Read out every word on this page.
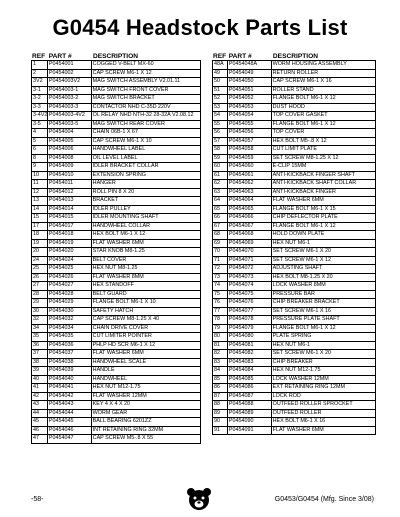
G0454 Headstock Parts List
REF PART #	DESCRIPTION
1	P0454001	COGGED V-BELT MX-60
2	P0454002	CAP SCREW M6-1 X 12
3V2	P0454003V2	MAG SWITCH ASSEMBLY V2.01.11
3-1	P0454003-1	MAG SWITCH FRONT COVER
3-2	P0454003-2	MAG SWITCH BRACKET
3-3	P0454003-3	CONTACTOR NHD C-35D 220V
3-4V2 P0454003-4V2	OL RELAY NHD NTH-32 28-32A V2.08.12
3-5	P0454003-5	MAG SWITCH REAR COVER
4	P0454004	CHAIN 06B-1 X 67
5	P0454005	CAP SCREW M6-1 X 10
6	P0454006	HANDWHEEL LABEL
8	P0454008	OIL LEVEL LABEL
9	P0454009	IDLER BRACKET COLLAR
10	P0454010	EXTENSION SPRING
11	P0454011	HANGER
12	P0454012	ROLL PIN 8 X 20
13	P0454013	BRACKET
14	P0454014	IDLER PULLEY
15	P0454015	IDLER MOUNTING SHAFT
17	P0454017	HANDWHEEL COLLAR
18	P0454018	HEX BOLT M6-1 X 12
19	P0454019	FLAT WASHER 6MM
20	P0454020	STAR KNOB M8-1.25
24	P0454024	BELT COVER
25	P0454025	HEX NUT M8-1.25
26	P0454026	FLAT WASHER 8MM
27	P0454027	HEX STANDOFF
28	P0454028	BELT GUARD
29	P0454029	FLANGE BOLT M6-1 X 10
30	P0454030	SAFETY HATCH
32	P0454032	CAP SCREW M8-1.25 X 40
34	P0454034	CHAIN DRIVE COVER
35	P0454035	CUT LIMITER POINTER
36	P0454036	PHLP HD SCR M6-1 X 12
37	P0454037	FLAT WASHER 6MM
38	P0454038	HANDWHEEL SCALE
39	P0454039	HANDLE
40	P0454040	HANDWHEEL
41	P0454041	HEX NUT M12-1.75
42	P0454042	FLAT WASHER 12MM
43	P0454043	KEY 4 X 4 X 20
44	P0454044	WORM GEAR
45	P0454045	BALL BEARING 6201ZZ
46	P0454046	INT RETAINING RING 32MM
47	P0454047	CAP SCREW M5-.8 X 55
REF PART #	DESCRIPTION
48A P0454048A	WORM HOUSING ASSEMBLY
49	P0454049	RETURN ROLLER
50	P0454050	CAP SCREW M6-1 X 16
51	P0454051	ROLLER STAND
52	P0454052	FLANGE BOLT M6-1 X 12
53	P0454053	DUST HOOD
54	P0454054	TOP COVER GASKET
55	P0454055	FLANGE BOLT M6-1 X 12
56	P0454056	TOP COVER
57	P0454057	HEX BOLT M5-.8 X 12
58	P0454058	CUT LIMIT PLATE
59	P0454059	SET SCREW M8-1.25 X 12
60	P0454060	E-CLIP 15MM
61	P0454061	ANTI-KICKBACK FINGER SHAFT
62	P0454062	ANTI-KICKBACK SHAFT COLLAR
63	P0454063	ANTI-KICKBACK FINGER
64	P0454064	FLAT WASHER 6MM
65	P0454065	FLANGE BOLT M6-1 X 15
66	P0454066	CHIP DEFLECTOR PLATE
67	P0454067	FLANGE BOLT M6-1 X 12
68	P0454068	HOLD DOWN PLATE
69	P0454069	HEX NUT M6-1
70	P0454070	SET SCREW M6-1 X 20
71	P0454071	SET SCREW M6-1 X 12
72	P0454072	ADJUSTING SHAFT
73	P0454073	HEX BOLT M8-1.25 X 20
74	P0454074	LOCK WASHER 8MM
75	P0454075	PRESSURE BAR
76	P0454076	CHIP BREAKER BRACKET
77	P0454077	SET SCREW M6-1 X 16
78	P0454078	PRESSURE PLATE SHAFT
79	P0454079	FLANGE BOLT M6-1 X 12
80	P0454080	PLATE SPRING
81	P0454081	HEX NUT M6-1
82	P0454082	SET SCREW M6-1 X 20
83	P0454083	CHIP BREAKER
84	P0454084	HEX NUT M12-1.75
85	P0454085	LOCK WASHER 12MM
86	P0454086	EXT RETAINING RING 12MM
87	P0454087	LOCK ROD
88	P0454088	OUTFEED ROLLER SPROCKET
89	P0454089	OUTFEED ROLLER
90	P0454090	HEX BOLT M6-1 X 16
91	P0454091	FLAT WASHER 6MM
-58-	G0453/G0454 (Mfg. Since 3/08)
